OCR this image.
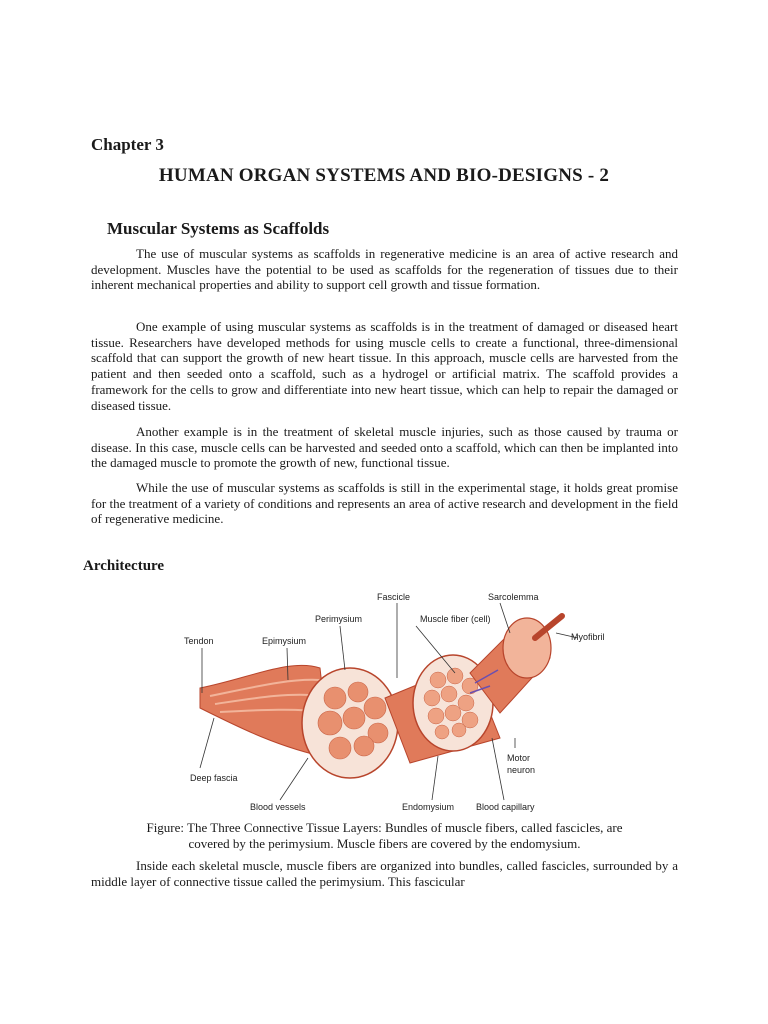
Chapter 3
HUMAN ORGAN SYSTEMS AND BIO-DESIGNS - 2
Muscular Systems as Scaffolds
The use of muscular systems as scaffolds in regenerative medicine is an area of active research and development. Muscles have the potential to be used as scaffolds for the regeneration of tissues due to their inherent mechanical properties and ability to support cell growth and tissue formation.
One example of using muscular systems as scaffolds is in the treatment of damaged or diseased heart tissue. Researchers have developed methods for using muscle cells to create a functional, three-dimensional scaffold that can support the growth of new heart tissue. In this approach, muscle cells are harvested from the patient and then seeded onto a scaffold, such as a hydrogel or artificial matrix. The scaffold provides a framework for the cells to grow and differentiate into new heart tissue, which can help to repair the damaged or diseased tissue.
Another example is in the treatment of skeletal muscle injuries, such as those caused by trauma or disease. In this case, muscle cells can be harvested and seeded onto a scaffold, which can then be implanted into the damaged muscle to promote the growth of new, functional tissue.
While the use of muscular systems as scaffolds is still in the experimental stage, it holds great promise for the treatment of a variety of conditions and represents an area of active research and development in the field of regenerative medicine.
Architecture
Fascicle	Sarcolemma
Perimysium	Muscle fiber (cell)
Myofibril
Tendon	Epimysium
Motor
neuron
Deep fascia
Blood vessels	Endomysium Blood capillary
Figure: The Three Connective Tissue Layers: Bundles of muscle fibers, called fascicles, are
covered by the perimysium. Muscle fibers are covered by the endomysium.
Inside each skeletal muscle, muscle fibers are organized into bundles, called fascicles, surrounded by a middle layer of connective tissue called the perimysium. This fascicular
